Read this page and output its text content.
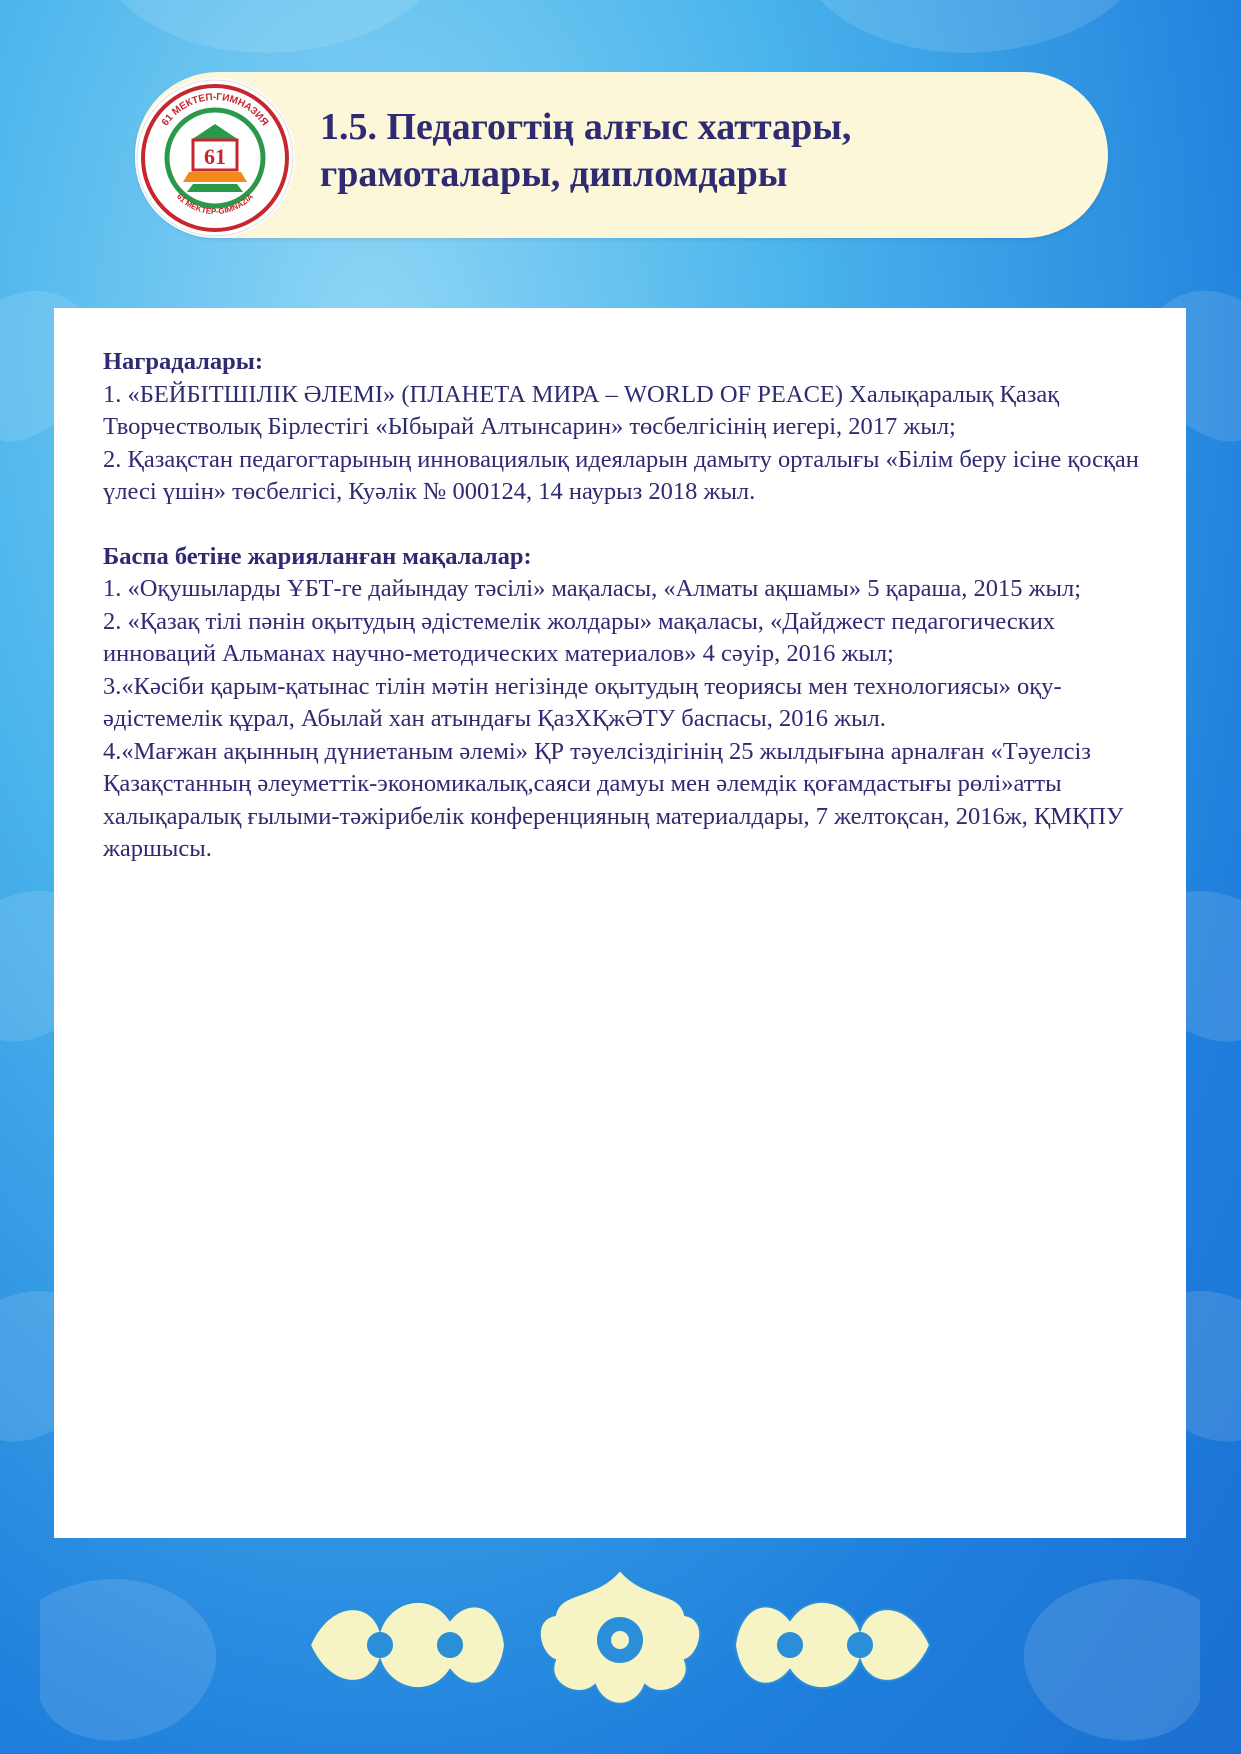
61 МЕКТЕП-ГИМНАЗИЯ
61 MEKTEP-GIMNAZIA
61
1.5. Педагогтің алғыс хаттары,
грамоталары, дипломдары

Наградалары:

1. «БЕЙБІТШІЛІК ӘЛЕМІ» (ПЛАНЕТА МИРА – WORLD OF PEACE) Халықаралық Қазақ Творчестволық Бірлестігі «Ыбырай Алтынсарин» төсбелгісінің иегері, 2017 жыл;

2. Қазақстан педагогтарының инновациялық идеяларын дамыту орталығы «Білім беру ісіне қосқан үлесі үшін» төсбелгісі, Куәлік № 000124, 14 наурыз 2018 жыл.

Баспа бетіне жарияланған мақалалар:

1. «Оқушыларды ҰБТ-ге дайындау тәсілі» мақаласы, «Алматы ақшамы» 5 қараша, 2015 жыл;

2. «Қазақ тілі пәнін оқытудың әдістемелік жолдары» мақаласы, «Дайджест педагогических инноваций Альманах научно-методических материалов» 4 сәуір, 2016 жыл;

3.«Кәсіби қарым-қатынас тілін мәтін негізінде оқытудың теориясы мен технологиясы» оқу-әдістемелік құрал, Абылай хан атындағы ҚазХҚжӘТУ баспасы, 2016 жыл.

4.«Мағжан ақынның дүниетаным әлемі» ҚР тәуелсіздігінің 25 жылдығына арналған «Тәуелсіз Қазақстанның әлеуметтік-экономикалық,саяси дамуы мен әлемдік қоғамдастығы рөлі»атты халықаралық ғылыми-тәжірибелік конференцияның материалдары, 7 желтоқсан, 2016ж, ҚМҚПУ жаршысы.
